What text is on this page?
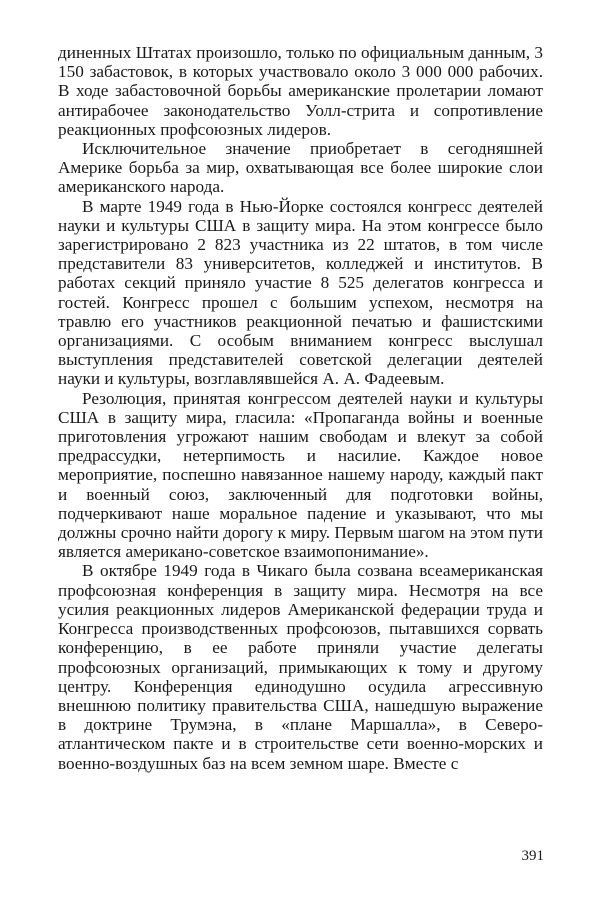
диненных Штатах произошло, только по официальным данным, 3 150 забастовок, в которых участвовало около 3 000 000 рабочих. В ходе забастовочной борьбы американские пролетарии ломают антирабочее законодательство Уолл-стрита и сопротивление реакционных профсоюзных лидеров.

Исключительное значение приобретает в сегодняшней Америке борьба за мир, охватывающая все более широкие слои американского народа.

В марте 1949 года в Нью-Йорке состоялся конгресс деятелей науки и культуры США в защиту мира. На этом конгрессе было зарегистрировано 2 823 участника из 22 штатов, в том числе представители 83 университетов, колледжей и институтов. В работах секций приняло участие 8 525 делегатов конгресса и гостей. Конгресс прошел с большим успехом, несмотря на травлю его участников реакционной печатью и фашистскими организациями. С особым вниманием конгресс выслушал выступления представителей советской делегации деятелей науки и культуры, возглавлявшейся А. А. Фадеевым.

Резолюция, принятая конгрессом деятелей науки и культуры США в защиту мира, гласила: «Пропаганда войны и военные приготовления угрожают нашим свободам и влекут за собой предрассудки, нетерпимость и насилие. Каждое новое мероприятие, поспешно навязанное нашему народу, каждый пакт и военный союз, заключенный для подготовки войны, подчеркивают наше моральное падение и указывают, что мы должны срочно найти дорогу к миру. Первым шагом на этом пути является американо-советское взаимопонимание».

В октябре 1949 года в Чикаго была созвана всеамериканская профсоюзная конференция в защиту мира. Несмотря на все усилия реакционных лидеров Американской федерации труда и Конгресса производственных профсоюзов, пытавшихся сорвать конференцию, в ее работе приняли участие делегаты профсоюзных организаций, примыкающих к тому и другому центру. Конференция единодушно осудила агрессивную внешнюю политику правительства США, нашедшую выражение в доктрине Трумэна, в «плане Маршалла», в Северо-атлантическом пакте и в строительстве сети военно-морских и военно-воздушных баз на всем земном шаре. Вместе с

391
